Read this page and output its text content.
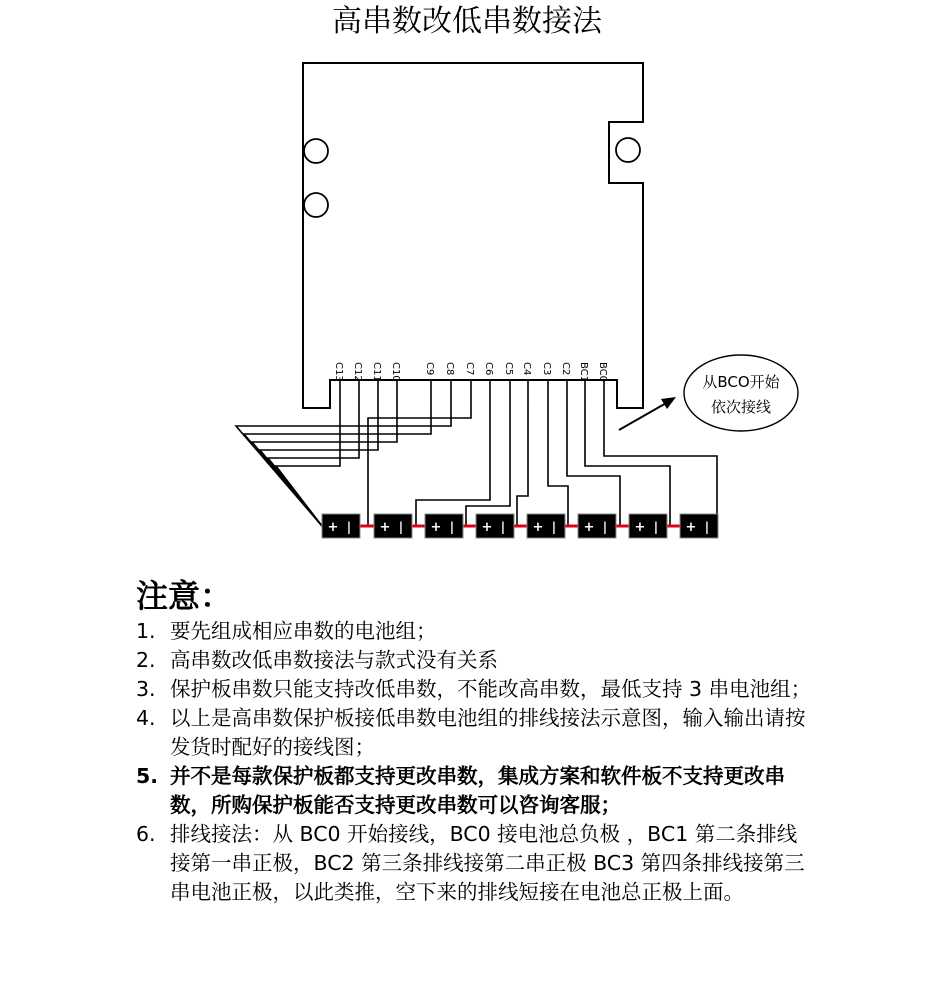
高串数改低串数接法
C13 C12 C11 C10 C9 C8 C7 C6 C5 C4 C3 C2 BC1 BC0
+ | + | + | + | + | + | + | + |
从BCO开始
依次接线
注意：
1. 要先组成相应串数的电池组；
2. 高串数改低串数接法与款式没有关系
3. 保护板串数只能支持改低串数，不能改高串数，最低支持 3 串电池组；
4. 以上是高串数保护板接低串数电池组的排线接法示意图，输入输出请按发货时配好的接线图；
5. 并不是每款保护板都支持更改串数，集成方案和软件板不支持更改串数，所购保护板能否支持更改串数可以咨询客服；
6. 排线接法：从 BC0 开始接线，BC0 接电池总负极 ，BC1 第二条排线接第一串正极，BC2 第三条排线接第二串正极 BC3 第四条排线接第三串电池正极，以此类推，空下来的排线短接在电池总正极上面。
